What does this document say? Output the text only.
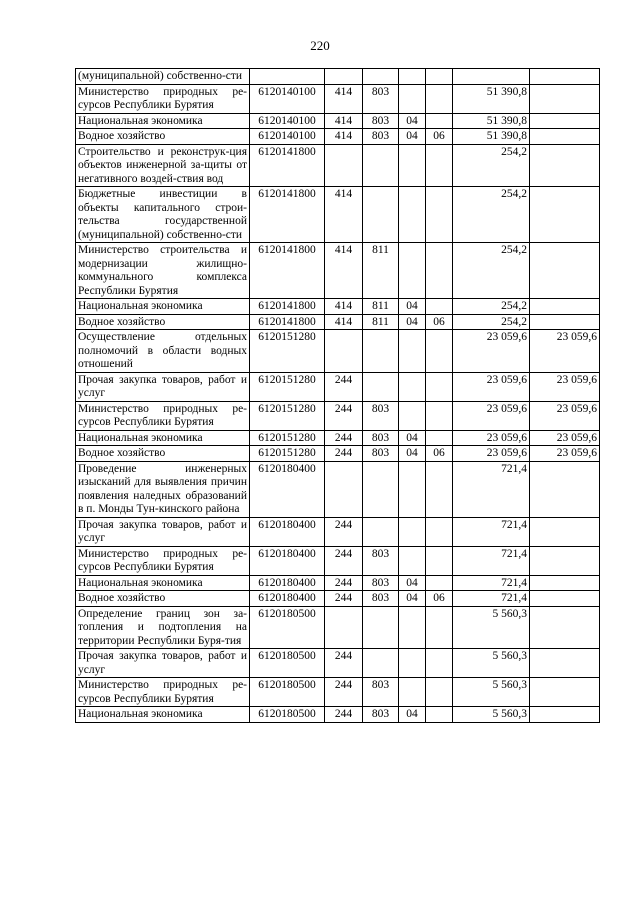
220
(муниципальной) собственно-сти							
Министерство природных ре-сурсов Республики Бурятия	6120140100	414	803			51 390,8	
Национальная экономика	6120140100	414	803	04		51 390,8	
Водное хозяйство	6120140100	414	803	04	06	51 390,8	
Строительство и реконструк-ция объектов инженерной за-щиты от негативного воздей-ствия вод	6120141800					254,2	
Бюджетные инвестиции в объекты капитального строи-тельства государственной (муниципальной) собственно-сти	6120141800	414				254,2	
Министерство строительства и модернизации жилищно-коммунального комплекса Республики Бурятия	6120141800	414	811			254,2	
Национальная экономика	6120141800	414	811	04		254,2	
Водное хозяйство	6120141800	414	811	04	06	254,2	
Осуществление отдельных полномочий в области водных отношений	6120151280					23 059,6	23 059,6
Прочая закупка товаров, работ и услуг	6120151280	244				23 059,6	23 059,6
Министерство природных ре-сурсов Республики Бурятия	6120151280	244	803			23 059,6	23 059,6
Национальная экономика	6120151280	244	803	04		23 059,6	23 059,6
Водное хозяйство	6120151280	244	803	04	06	23 059,6	23 059,6
Проведение инженерных изысканий для выявления причин появления наледных образований в п. Монды Тун-кинского района	6120180400					721,4	
Прочая закупка товаров, работ и услуг	6120180400	244				721,4	
Министерство природных ре-сурсов Республики Бурятия	6120180400	244	803			721,4	
Национальная экономика	6120180400	244	803	04		721,4	
Водное хозяйство	6120180400	244	803	04	06	721,4	
Определение границ зон за-топления и подтопления на территории Республики Буря-тия	6120180500					5 560,3	
Прочая закупка товаров, работ и услуг	6120180500	244				5 560,3	
Министерство природных ре-сурсов Республики Бурятия	6120180500	244	803			5 560,3	
Национальная экономика	6120180500	244	803	04		5 560,3	
